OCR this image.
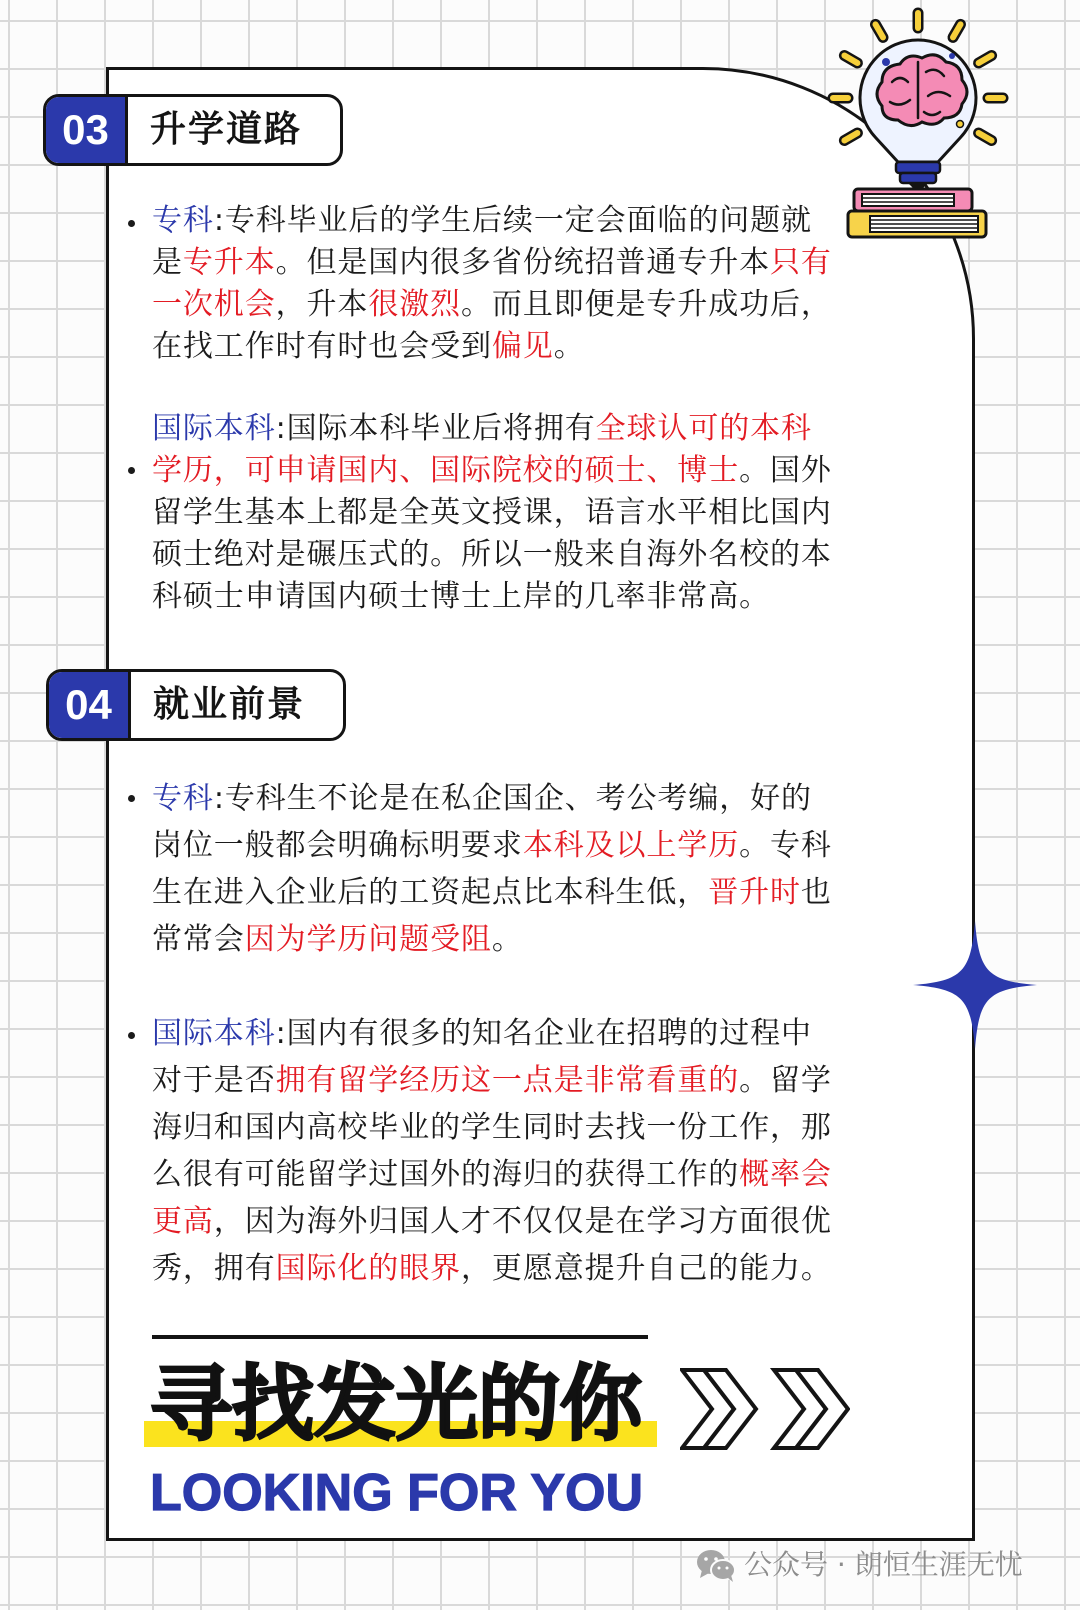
03	升学道路
专科:专科毕业后的学生后续一定会面临的问题就
是专升本。但是国内很多省份统招普通专升本只有
一次机会，升本很激烈。而且即便是专升成功后，
在找工作时有时也会受到偏见。
国际本科:国际本科毕业后将拥有全球认可的本科
学历，可申请国内、国际院校的硕士、博士。国外
留学生基本上都是全英文授课，语言水平相比国内
硕士绝对是碾压式的。所以一般来自海外名校的本
科硕士申请国内硕士博士上岸的几率非常高。
04	就业前景
专科:专科生不论是在私企国企、考公考编，好的
岗位一般都会明确标明要求本科及以上学历。专科
生在进入企业后的工资起点比本科生低，晋升时也
常常会因为学历问题受阻。
国际本科:国内有很多的知名企业在招聘的过程中
对于是否拥有留学经历这一点是非常看重的。留学
海归和国内高校毕业的学生同时去找一份工作，那
么很有可能留学过国外的海归的获得工作的概率会
更高，因为海外归国人才不仅仅是在学习方面很优
秀，拥有国际化的眼界，更愿意提升自己的能力。
寻找发光的你
LOOKING FOR YOU
公众号 · 朗恒生涯无忧
